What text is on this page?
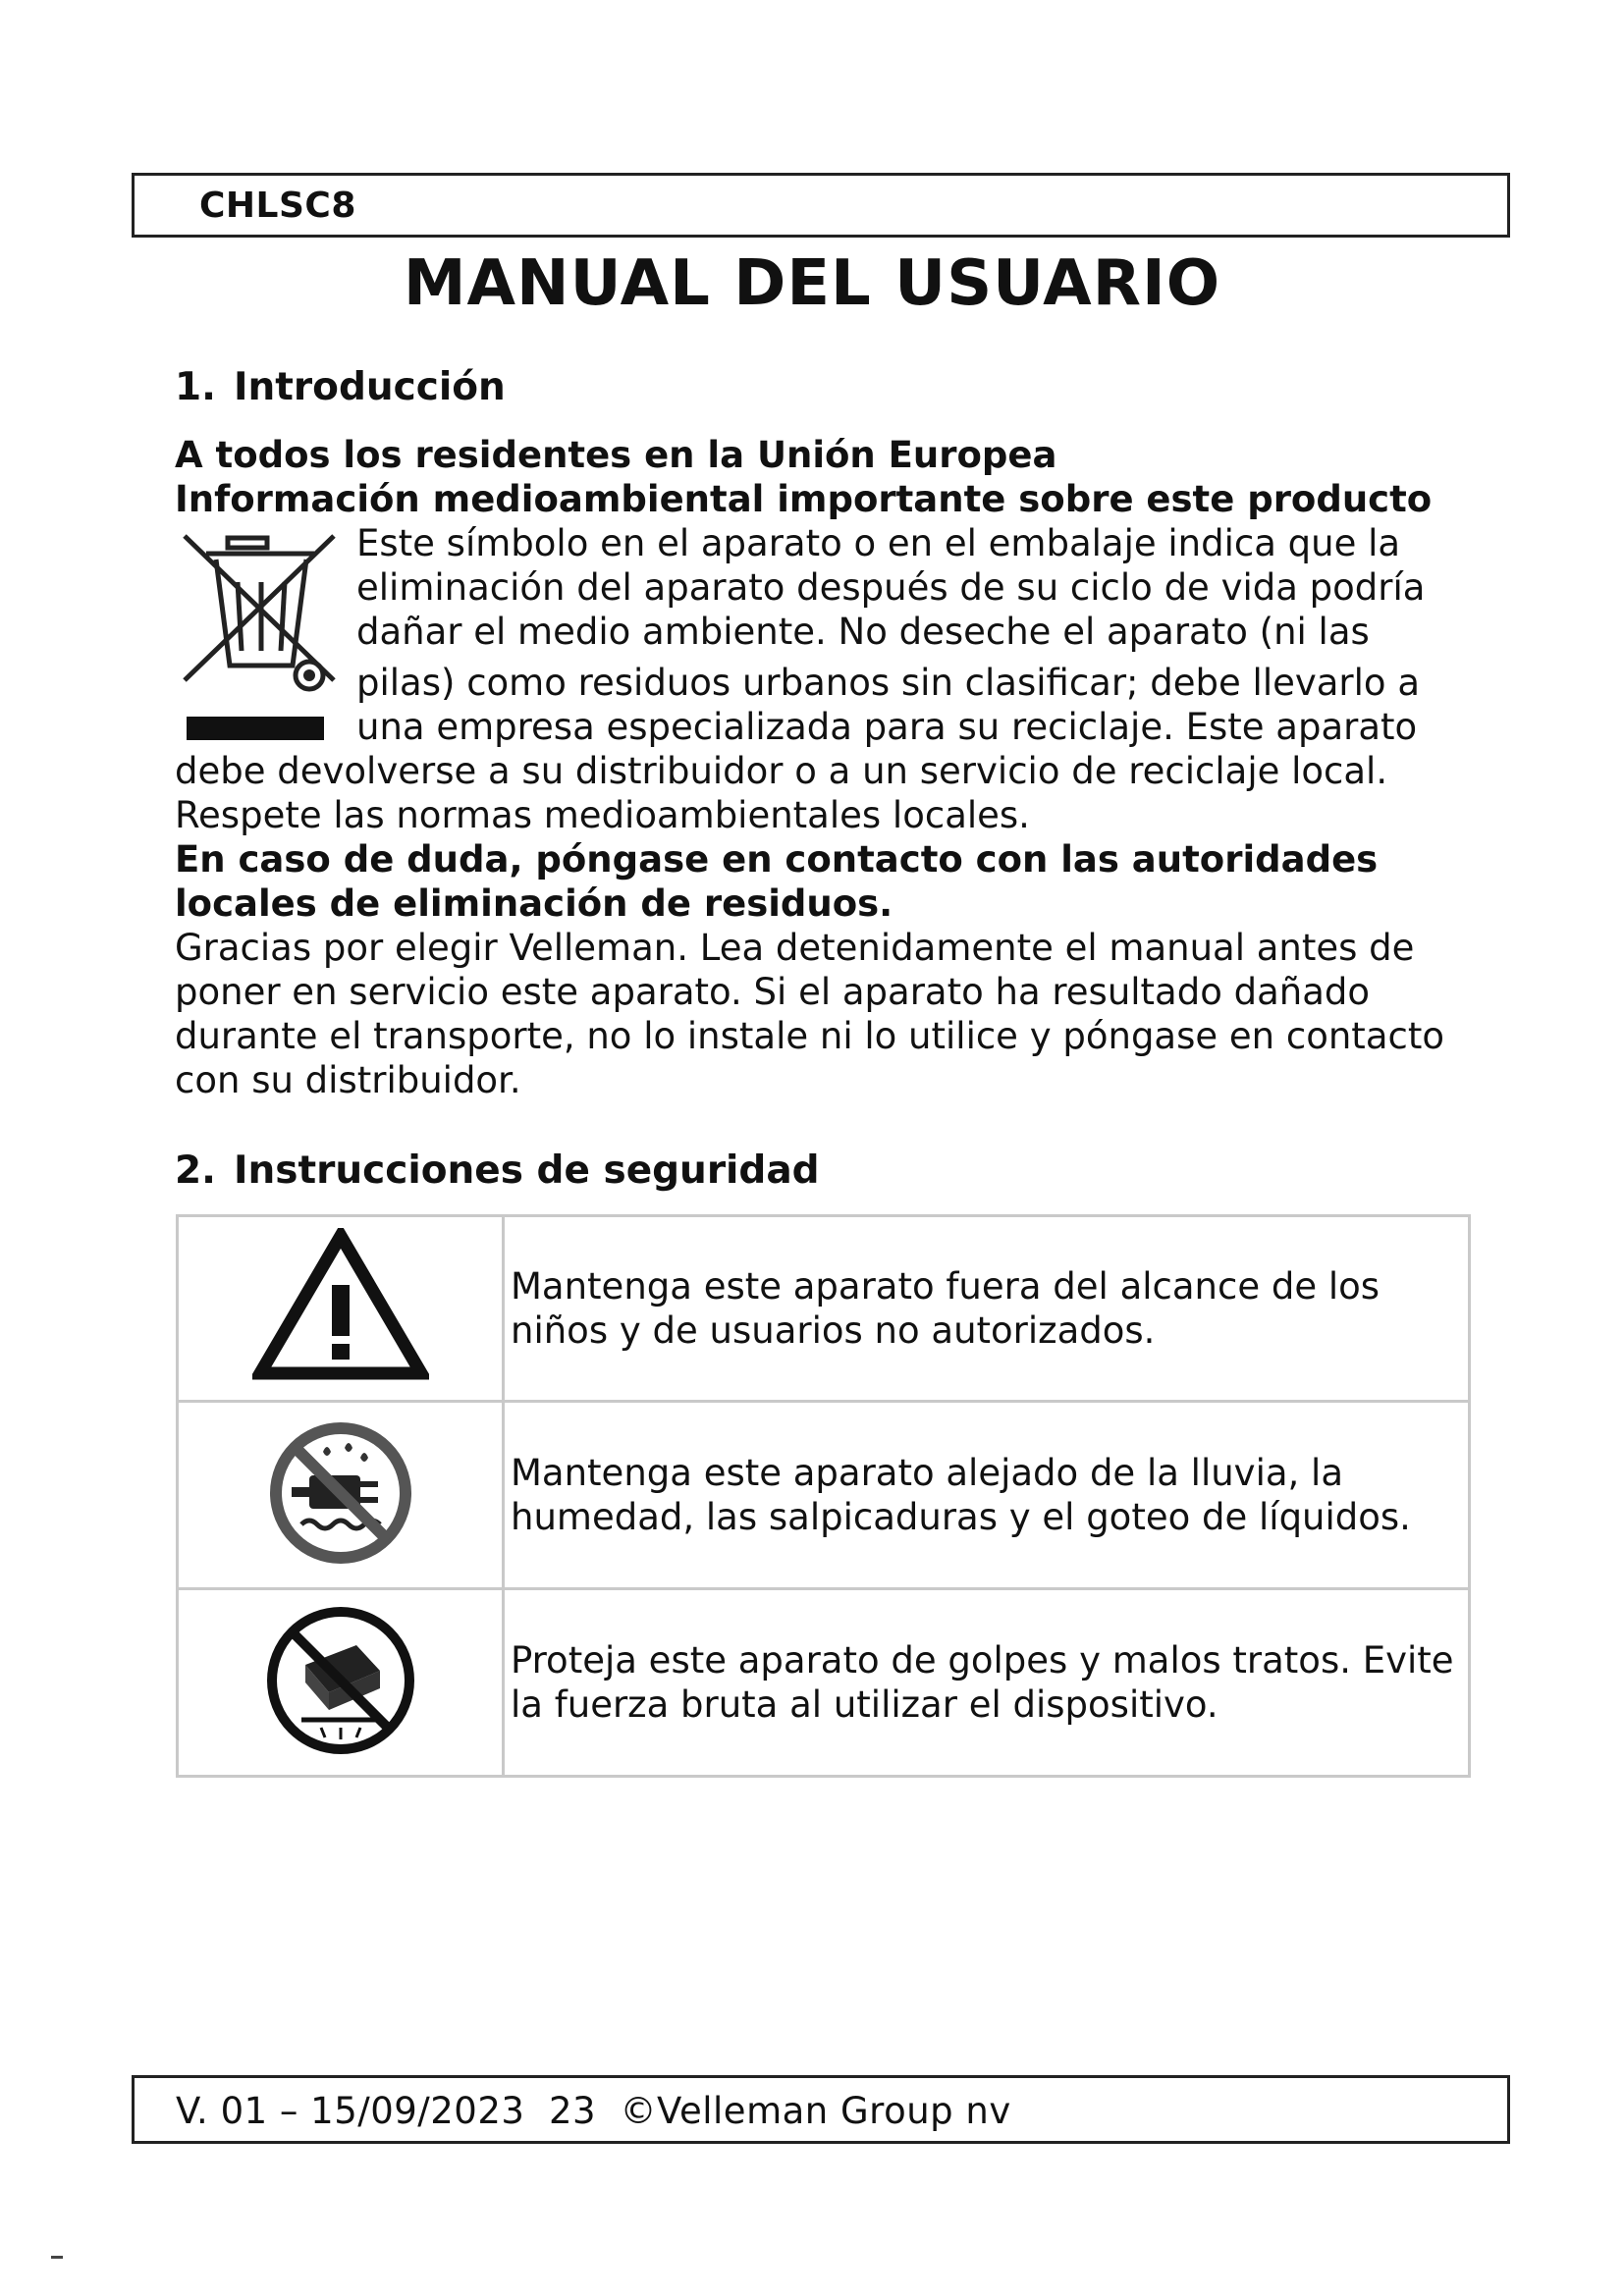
CHLSC8
MANUAL DEL USUARIO
1. Introducción
A todos los residentes en la Unión Europea
Información medioambiental importante sobre este producto
Este símbolo en el aparato o en el embalaje indica que la
eliminación del aparato después de su ciclo de vida podría
dañar el medio ambiente. No deseche el aparato (ni las
pilas) como residuos urbanos sin clasificar; debe llevarlo a
una empresa especializada para su reciclaje. Este aparato
debe devolverse a su distribuidor o a un servicio de reciclaje local.
Respete las normas medioambientales locales.
En caso de duda, póngase en contacto con las autoridades
locales de eliminación de residuos.
Gracias por elegir Velleman. Lea detenidamente el manual antes de
poner en servicio este aparato. Si el aparato ha resultado dañado
durante el transporte, no lo instale ni lo utilice y póngase en contacto
con su distribuidor.
2. Instrucciones de seguridad
	Mantenga este aparato fuera del alcance de los
niños y de usuarios no autorizados.
	Mantenga este aparato alejado de la lluvia, la
humedad, las salpicaduras y el goteo de líquidos.
	Proteja este aparato de golpes y malos tratos. Evite
la fuerza bruta al utilizar el dispositivo.
V. 01 – 15/09/2023  23  ©Velleman Group nv
